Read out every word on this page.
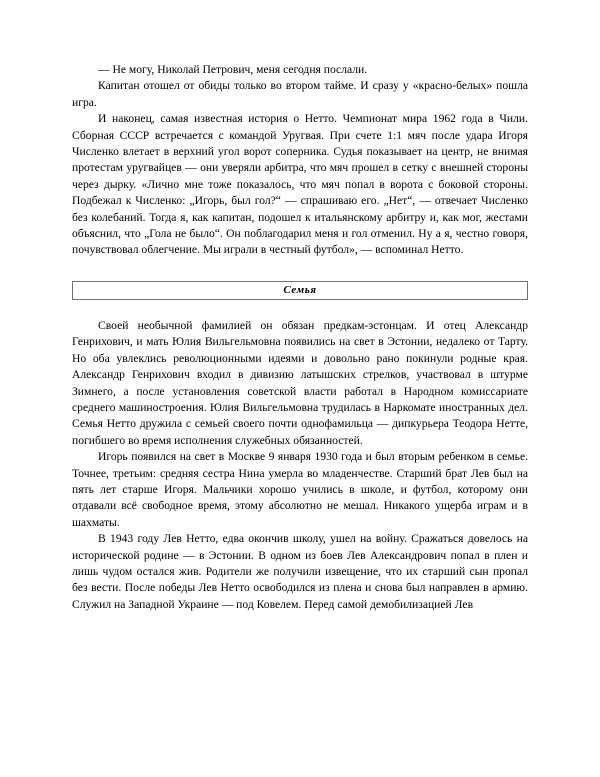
— Не могу, Николай Петрович, меня сегодня послали.

Капитан отошел от обиды только во втором тайме. И сразу у «красно-белых» пошла игра.

И наконец, самая известная история о Нетто. Чемпионат мира 1962 года в Чили. Сборная СССР встречается с командой Уругвая. При счете 1:1 мяч после удара Игоря Численко влетает в верхний угол ворот соперника. Судья показывает на центр, не внимая протестам уругвайцев — они уверяли арбитра, что мяч прошел в сетку с внешней стороны через дырку. «Лично мне тоже показалось, что мяч попал в ворота с боковой стороны. Подбежал к Численко: „Игорь, был гол?“ — спрашиваю его. „Нет“, — отвечает Численко без колебаний. Тогда я, как капитан, подошел к итальянскому арбитру и, как мог, жестами объяснил, что „Гола не было“. Он поблагодарил меня и гол отменил. Ну а я, честно говоря, почувствовал облегчение. Мы играли в честный футбол», — вспоминал Нетто.

Семья

Своей необычной фамилией он обязан предкам-эстонцам. И отец Александр Генрихович, и мать Юлия Вильгельмовна появились на свет в Эстонии, недалеко от Тарту. Но оба увлеклись революционными идеями и довольно рано покинули родные края. Александр Генрихович входил в дивизию латышских стрелков, участвовал в штурме Зимнего, а после установления советской власти работал в Народном комиссариате среднего машиностроения. Юлия Вильгельмовна трудилась в Наркомате иностранных дел. Семья Нетто дружила с семьей своего почти однофамильца — дипкурьера Теодора Нетте, погибшего во время исполнения служебных обязанностей.

Игорь появился на свет в Москве 9 января 1930 года и был вторым ребенком в семье. Точнее, третьим: средняя сестра Нина умерла во младенчестве. Старший брат Лев был на пять лет старше Игоря. Мальчики хорошо учились в школе, и футбол, которому они отдавали всё свободное время, этому абсолютно не мешал. Никакого ущерба играм и в шахматы.

В 1943 году Лев Нетто, едва окончив школу, ушел на войну. Сражаться довелось на исторической родине — в Эстонии. В одном из боев Лев Александрович попал в плен и лишь чудом остался жив. Родители же получили извещение, что их старший сын пропал без вести. После победы Лев Нетто освободился из плена и снова был направлен в армию. Служил на Западной Украине — под Ковелем. Перед самой демобилизацией Лев
